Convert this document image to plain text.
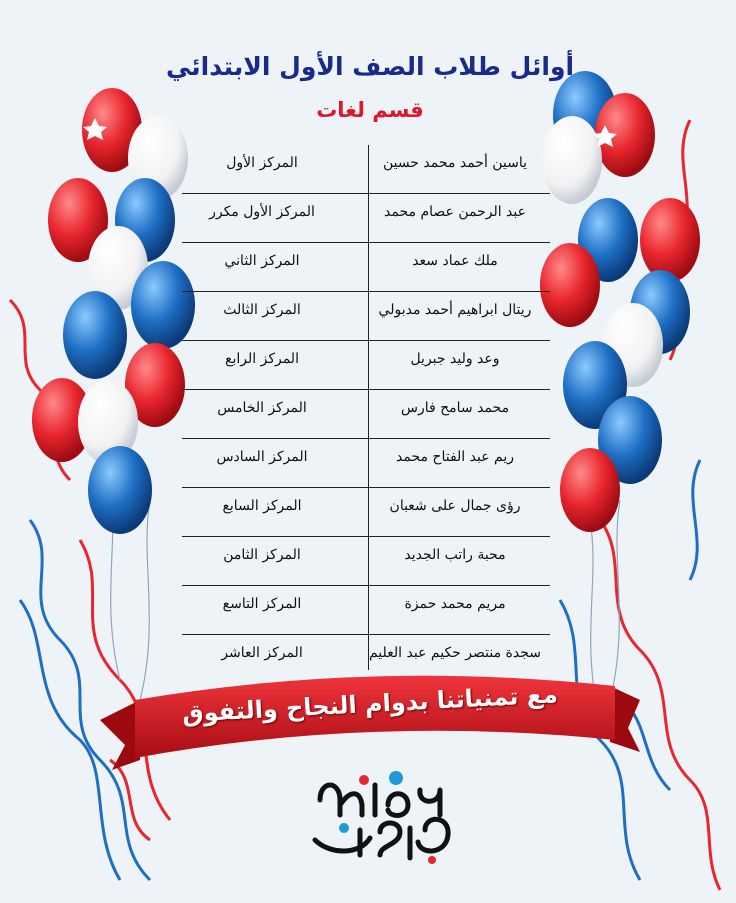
أوائل طلاب الصف الأول الابتدائي
قسم لغات
ياسين أحمد محمد حسين
المركز الأول
عبد الرحمن عصام محمد
المركز الأول مكرر
ملك عماد سعد
المركز الثاني
ريتال ابراهيم أحمد مدبولي
المركز الثالث
وعد وليد جبريل
المركز الرابع
محمد سامح فارس
المركز الخامس
ريم عبد الفتاح محمد
المركز السادس
رؤى جمال على شعبان
المركز السابع
محبة راتب الجديد
المركز الثامن
مريم محمد حمزة
المركز التاسع
سجدة منتصر حكيم عبد العليم
المركز العاشر
مع تمنياتنا بدوام النجاح والتفوق
